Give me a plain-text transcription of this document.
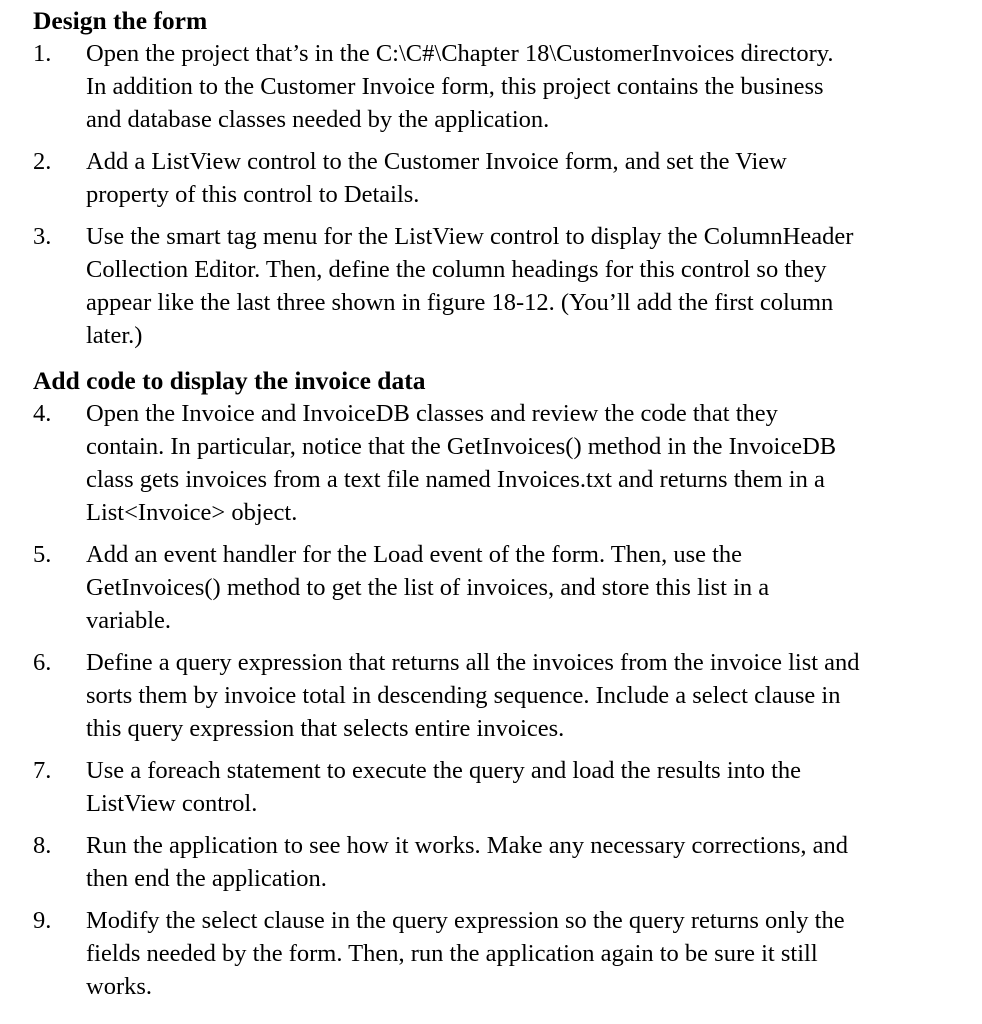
Design the form
1.	Open the project that’s in the C:\C#\Chapter 18\CustomerInvoices directory.
In addition to the Customer Invoice form, this project contains the business
and database classes needed by the application.
2.	Add a ListView control to the Customer Invoice form, and set the View
property of this control to Details.
3.	Use the smart tag menu for the ListView control to display the ColumnHeader
Collection Editor. Then, define the column headings for this control so they
appear like the last three shown in figure 18-12. (You’ll add the first column
later.)
Add code to display the invoice data
4.	Open the Invoice and InvoiceDB classes and review the code that they
contain. In particular, notice that the GetInvoices() method in the InvoiceDB
class gets invoices from a text file named Invoices.txt and returns them in a
List<Invoice> object.
5.	Add an event handler for the Load event of the form. Then, use the
GetInvoices() method to get the list of invoices, and store this list in a
variable.
6.	Define a query expression that returns all the invoices from the invoice list and
sorts them by invoice total in descending sequence. Include a select clause in
this query expression that selects entire invoices.
7.	Use a foreach statement to execute the query and load the results into the
ListView control.
8.	Run the application to see how it works. Make any necessary corrections, and
then end the application.
9.	Modify the select clause in the query expression so the query returns only the
fields needed by the form. Then, run the application again to be sure it still
works.
